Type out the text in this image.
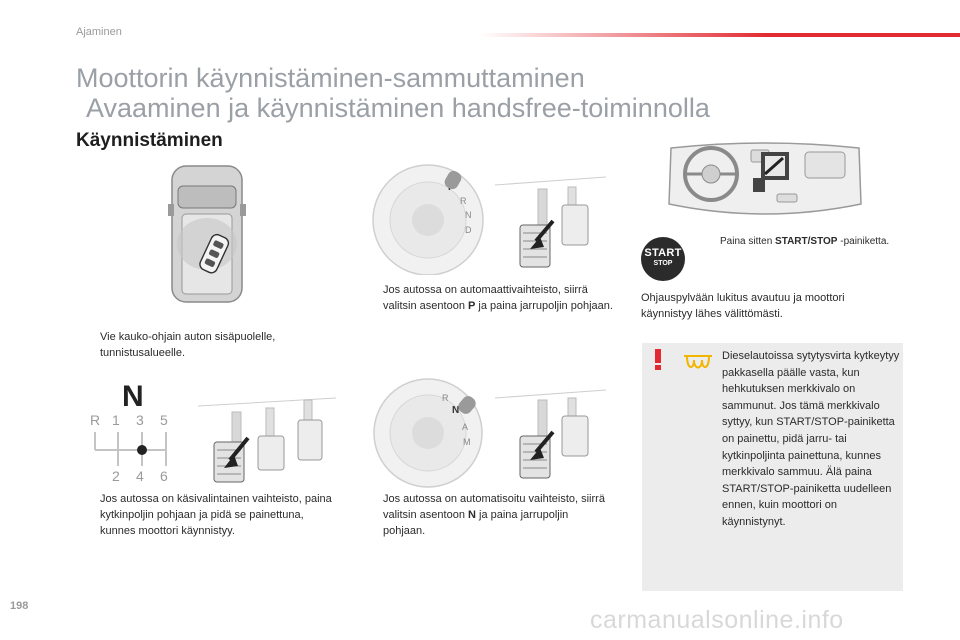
Ajaminen
Moottorin käynnistäminen-sammuttaminen
Avaaminen ja käynnistäminen handsfree-toiminnolla
Käynnistäminen
Vie kauko-ohjain auton sisäpuolelle, tunnistusalueelle.
R
N
D
Jos autossa on automaattivaihteisto, siirrä valitsin asentoon P ja paina jarrupoljin pohjaan.
N
R 1 3 5
2 4 6
Jos autossa on käsivalintainen vaihteisto, paina kytkinpoljin pohjaan ja pidä se painettuna, kunnes moottori käynnistyy.
N
R
A
M
Jos autossa on automatisoitu vaihteisto, siirrä valitsin asentoon N ja paina jarrupoljin pohjaan.
START
STOP
Paina sitten START/STOP -painiketta.
Ohjauspylvään lukitus avautuu ja moottori käynnistyy lähes välittömästi.
Dieselautoissa sytytysvirta kytkeytyy pakkasella päälle vasta, kun hehkutuksen merkkivalo on sammunut. Jos tämä merkkivalo syttyy, kun START/STOP-painiketta on painettu, pidä jarru- tai kytkinpoljinta painettuna, kunnes merkkivalo sammuu. Älä paina START/STOP-painiketta uudelleen ennen, kuin moottori on käynnistynyt.
198	carmanualsonline.info
